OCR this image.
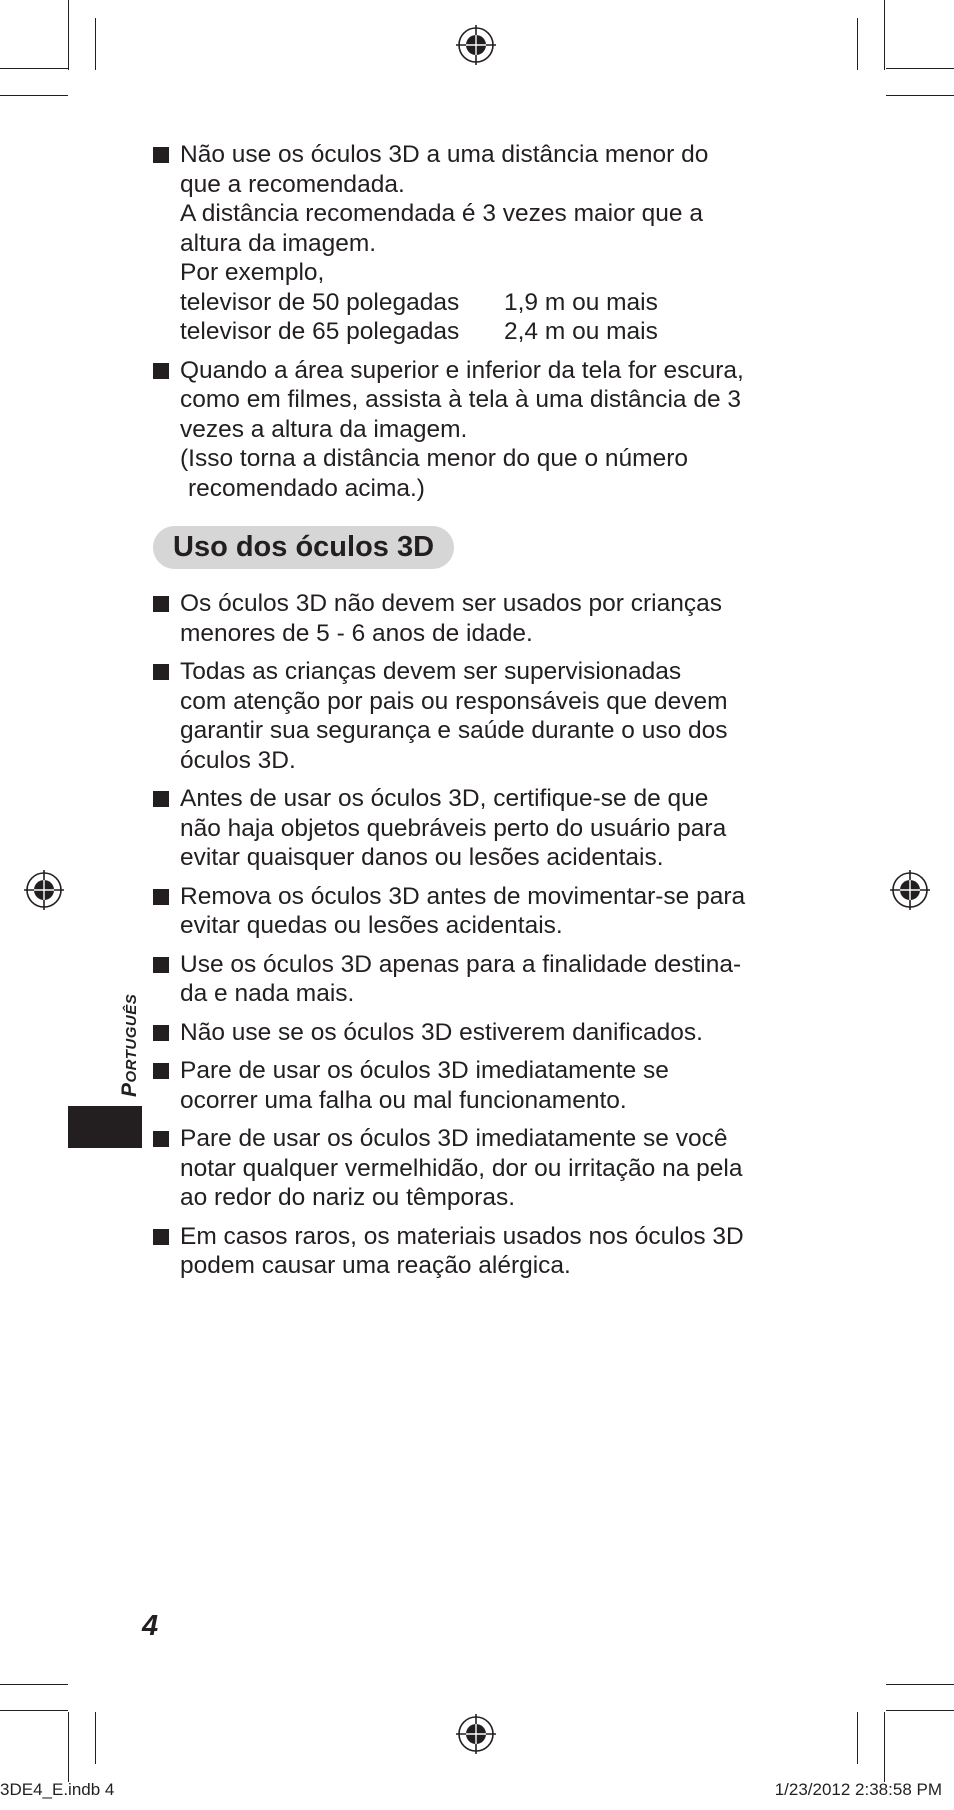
Não use os óculos 3D a uma distância menor do

que a recomendada.

A distância recomendada é 3 vezes maior que a

altura da imagem.

Por exemplo,

televisor de 50 polegadas	1,9 m ou mais
televisor de 65 polegadas	2,4 m ou mais

Quando a área superior e inferior da tela for escura,

como em filmes, assista à tela à uma distância de 3

vezes a altura da imagem.

(Isso torna a distância menor do que o número

recomendado acima.)

Uso dos óculos 3D

Os óculos 3D não devem ser usados por crianças

menores de 5 - 6 anos de idade.

Todas as crianças devem ser supervisionadas

com atenção por pais ou responsáveis que devem

garantir sua segurança e saúde durante o uso dos

óculos 3D.

Antes de usar os óculos 3D, certifique-se de que

não haja objetos quebráveis perto do usuário para

evitar quaisquer danos ou lesões acidentais.

Remova os óculos 3D antes de movimentar-se para

evitar quedas ou lesões acidentais.

Use os óculos 3D apenas para a finalidade destina-

da e nada mais.

Não use se os óculos 3D estiverem danificados.

Pare de usar os óculos 3D imediatamente se

ocorrer uma falha ou mal funcionamento.

Pare de usar os óculos 3D imediatamente se você

notar qualquer vermelhidão, dor ou irritação na pela

ao redor do nariz ou têmporas.

Em casos raros, os materiais usados nos óculos 3D

podem causar uma reação alérgica.

PORTUGUÊS
4
3DE4_E.indb 4	1/23/2012 2:38:58 PM
